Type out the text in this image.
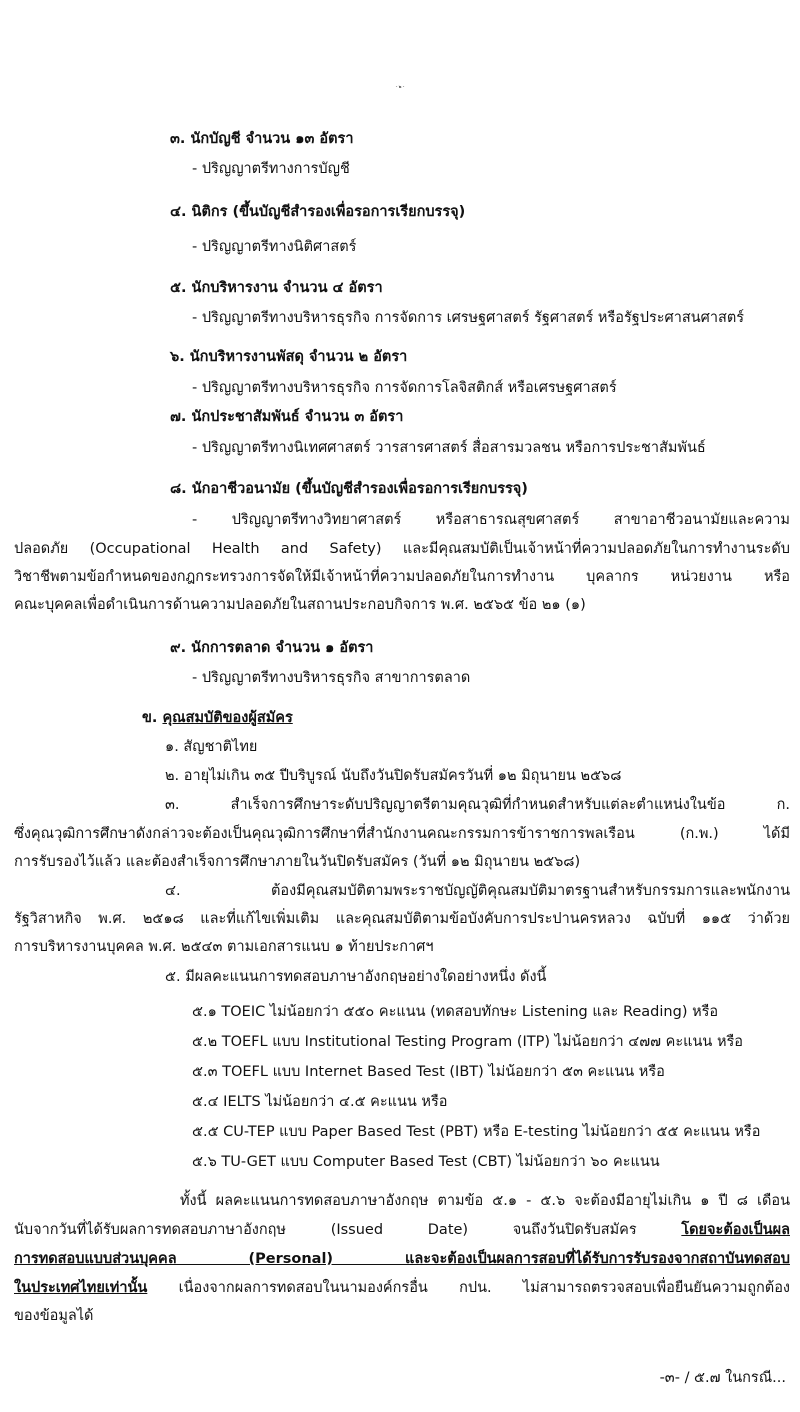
- ๒ -
๓. นักบัญชี จำนวน ๑๓ อัตรา
- ปริญญาตรีทางการบัญชี
๔. นิติกร (ขึ้นบัญชีสำรองเพื่อรอการเรียกบรรจุ)
- ปริญญาตรีทางนิติศาสตร์
๕. นักบริหารงาน จำนวน ๔ อัตรา
- ปริญญาตรีทางบริหารธุรกิจ การจัดการ เศรษฐศาสตร์ รัฐศาสตร์ หรือรัฐประศาสนศาสตร์
๖. นักบริหารงานพัสดุ จำนวน ๒ อัตรา
- ปริญญาตรีทางบริหารธุรกิจ การจัดการโลจิสติกส์ หรือเศรษฐศาสตร์
๗. นักประชาสัมพันธ์ จำนวน ๓ อัตรา
- ปริญญาตรีทางนิเทศศาสตร์ วารสารศาสตร์ สื่อสารมวลชน หรือการประชาสัมพันธ์
๘. นักอาชีวอนามัย (ขึ้นบัญชีสำรองเพื่อรอการเรียกบรรจุ)
- ปริญญาตรีทางวิทยาศาสตร์ หรือสาธารณสุขศาสตร์ สาขาอาชีวอนามัยและความ
ปลอดภัย (Occupational Health and Safety) และมีคุณสมบัติเป็นเจ้าหน้าที่ความปลอดภัยในการทำงานระดับ
วิชาชีพตามข้อกำหนดของกฎกระทรวงการจัดให้มีเจ้าหน้าที่ความปลอดภัยในการทำงาน บุคลากร หน่วยงาน หรือ
คณะบุคคลเพื่อดำเนินการด้านความปลอดภัยในสถานประกอบกิจการ พ.ศ. ๒๕๖๕ ข้อ ๒๑ (๑)
๙. นักการตลาด จำนวน ๑ อัตรา
- ปริญญาตรีทางบริหารธุรกิจ สาขาการตลาด
ข. คุณสมบัติของผู้สมัคร
๑. สัญชาติไทย
๒. อายุไม่เกิน ๓๕ ปีบริบูรณ์ นับถึงวันปิดรับสมัครวันที่ ๑๒ มิถุนายน ๒๕๖๘
๓. สำเร็จการศึกษาระดับปริญญาตรีตามคุณวุฒิที่กำหนดสำหรับแต่ละตำแหน่งในข้อ ก.
ซึ่งคุณวุฒิการศึกษาดังกล่าวจะต้องเป็นคุณวุฒิการศึกษาที่สำนักงานคณะกรรมการข้าราชการพลเรือน (ก.พ.) ได้มี
การรับรองไว้แล้ว และต้องสำเร็จการศึกษาภายในวันปิดรับสมัคร (วันที่ ๑๒ มิถุนายน ๒๕๖๘)
๔. ต้องมีคุณสมบัติตามพระราชบัญญัติคุณสมบัติมาตรฐานสำหรับกรรมการและพนักงาน
รัฐวิสาหกิจ พ.ศ. ๒๕๑๘ และที่แก้ไขเพิ่มเติม และคุณสมบัติตามข้อบังคับการประปานครหลวง ฉบับที่ ๑๑๕ ว่าด้วย
การบริหารงานบุคคล พ.ศ. ๒๕๔๓ ตามเอกสารแนบ ๑ ท้ายประกาศฯ
๕. มีผลคะแนนการทดสอบภาษาอังกฤษอย่างใดอย่างหนึ่ง ดังนี้
๕.๑ TOEIC ไม่น้อยกว่า ๕๕๐ คะแนน (ทดสอบทักษะ Listening และ Reading) หรือ
๕.๒ TOEFL แบบ Institutional Testing Program (ITP) ไม่น้อยกว่า ๔๗๗ คะแนน หรือ
๕.๓ TOEFL แบบ Internet Based Test (IBT) ไม่น้อยกว่า ๕๓ คะแนน หรือ
๕.๔ IELTS ไม่น้อยกว่า ๔.๕ คะแนน หรือ
๕.๕ CU-TEP แบบ Paper Based Test (PBT) หรือ E-testing ไม่น้อยกว่า ๕๕ คะแนน หรือ
๕.๖ TU-GET แบบ Computer Based Test (CBT) ไม่น้อยกว่า ๖๐ คะแนน
ทั้งนี้ ผลคะแนนการทดสอบภาษาอังกฤษ ตามข้อ ๕.๑ - ๕.๖ จะต้องมีอายุไม่เกิน ๑ ปี ๘ เดือน
นับจากวันที่ได้รับผลการทดสอบภาษาอังกฤษ (Issued Date) จนถึงวันปิดรับสมัคร โดยจะต้องเป็นผล
การทดสอบแบบส่วนบุคคล (Personal) และจะต้องเป็นผลการสอบที่ได้รับการรับรองจากสถาบันทดสอบ
ในประเทศไทยเท่านั้น เนื่องจากผลการทดสอบในนามองค์กรอื่น กปน. ไม่สามารถตรวจสอบเพื่อยืนยันความถูกต้อง
ของข้อมูลได้
-๓- / ๕.๗ ในกรณี...
